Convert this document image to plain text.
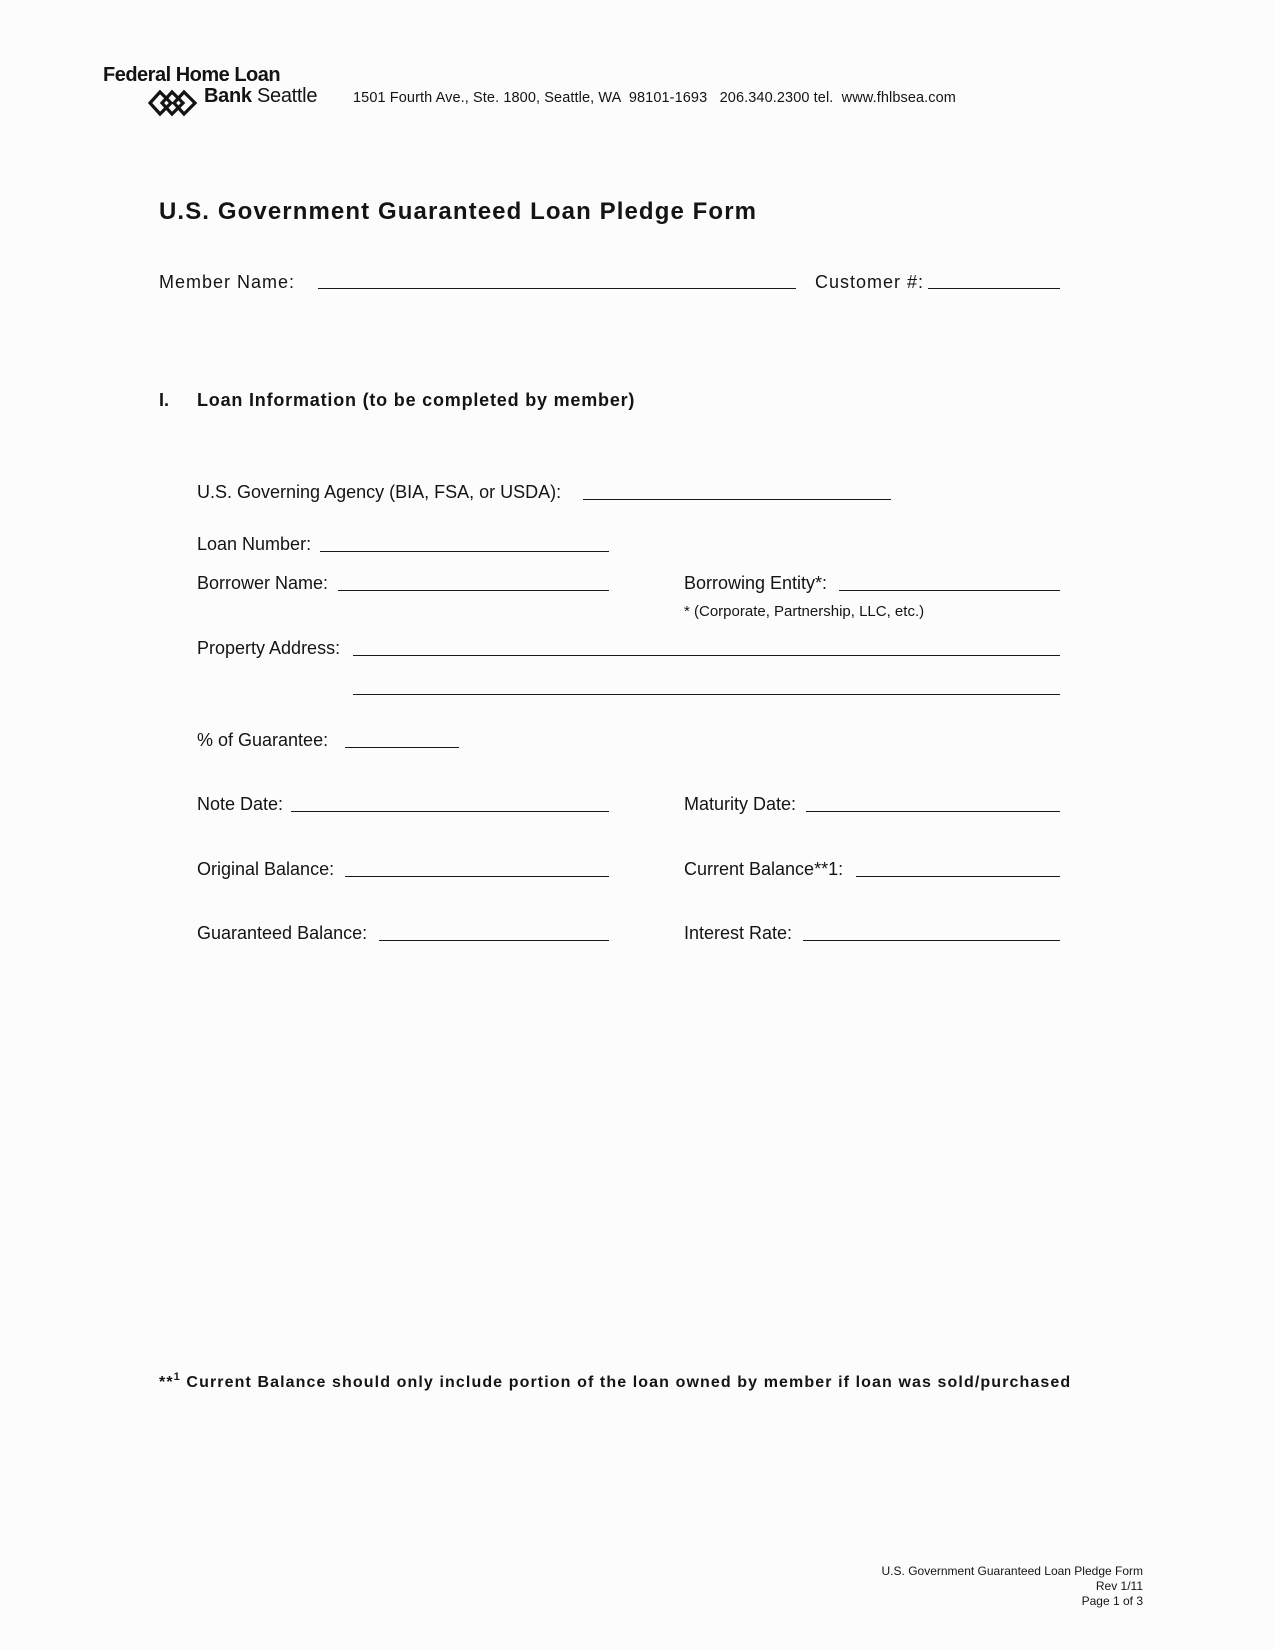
Federal Home Loan
Bank Seattle 1501 Fourth Ave., Ste. 1800, Seattle, WA  98101-1693   206.340.2300 tel.  www.fhlbsea.com
U.S. Government Guaranteed Loan Pledge Form
Member Name:	Customer #:
I. Loan Information (to be completed by member)
U.S. Governing Agency (BIA, FSA, or USDA):
Loan Number:
Borrower Name:	Borrowing Entity*:
* (Corporate, Partnership, LLC, etc.)
Property Address:
% of Guarantee:
Note Date:	Maturity Date:
Original Balance:	Current Balance**1:
Guaranteed Balance:	Interest Rate:
**$^1$ Current Balance should only include portion of the loan owned by member if loan was sold/purchased
U.S. Government Guaranteed Loan Pledge Form
Rev 1/11
Page 1 of 3
